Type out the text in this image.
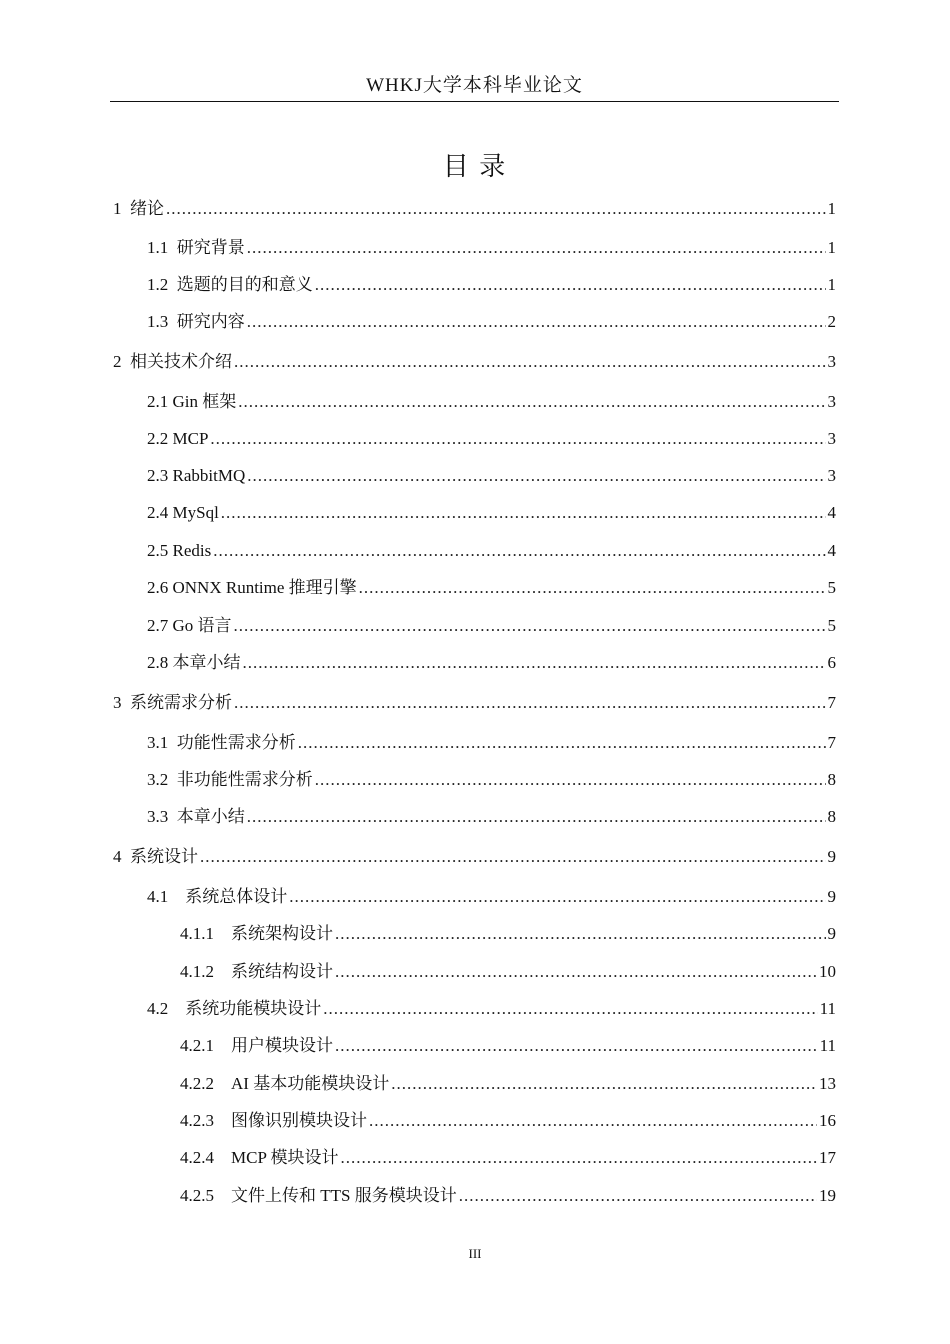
WHKJ大学本科毕业论文
目 录
1 绪论 .....	1
1.1 研究背景 .....	1
1.2 选题的目的和意义 .....	1
1.3 研究内容 .....	2
2 相关技术介绍 .....	3
2.1 Gin 框架 .....	3
2.2 MCP .....	3
2.3 RabbitMQ .....	3
2.4 MySql .....	4
2.5 Redis .....	4
2.6 ONNX Runtime 推理引擎 .....	5
2.7 Go 语言 .....	5
2.8 本章小结 .....	6
3 系统需求分析 .....	7
3.1 功能性需求分析 .....	7
3.2 非功能性需求分析 .....	8
3.3 本章小结 .....	8
4 系统设计 .....	9
4.1 系统总体设计 .....	9
4.1.1 系统架构设计 .....	9
4.1.2 系统结构设计 .....	10
4.2 系统功能模块设计 .....	11
4.2.1 用户模块设计 .....	11
4.2.2 AI 基本功能模块设计 .....	13
4.2.3 图像识别模块设计 .....	16
4.2.4 MCP 模块设计 .....	17
4.2.5 文件上传和 TTS 服务模块设计 .....	19
III
